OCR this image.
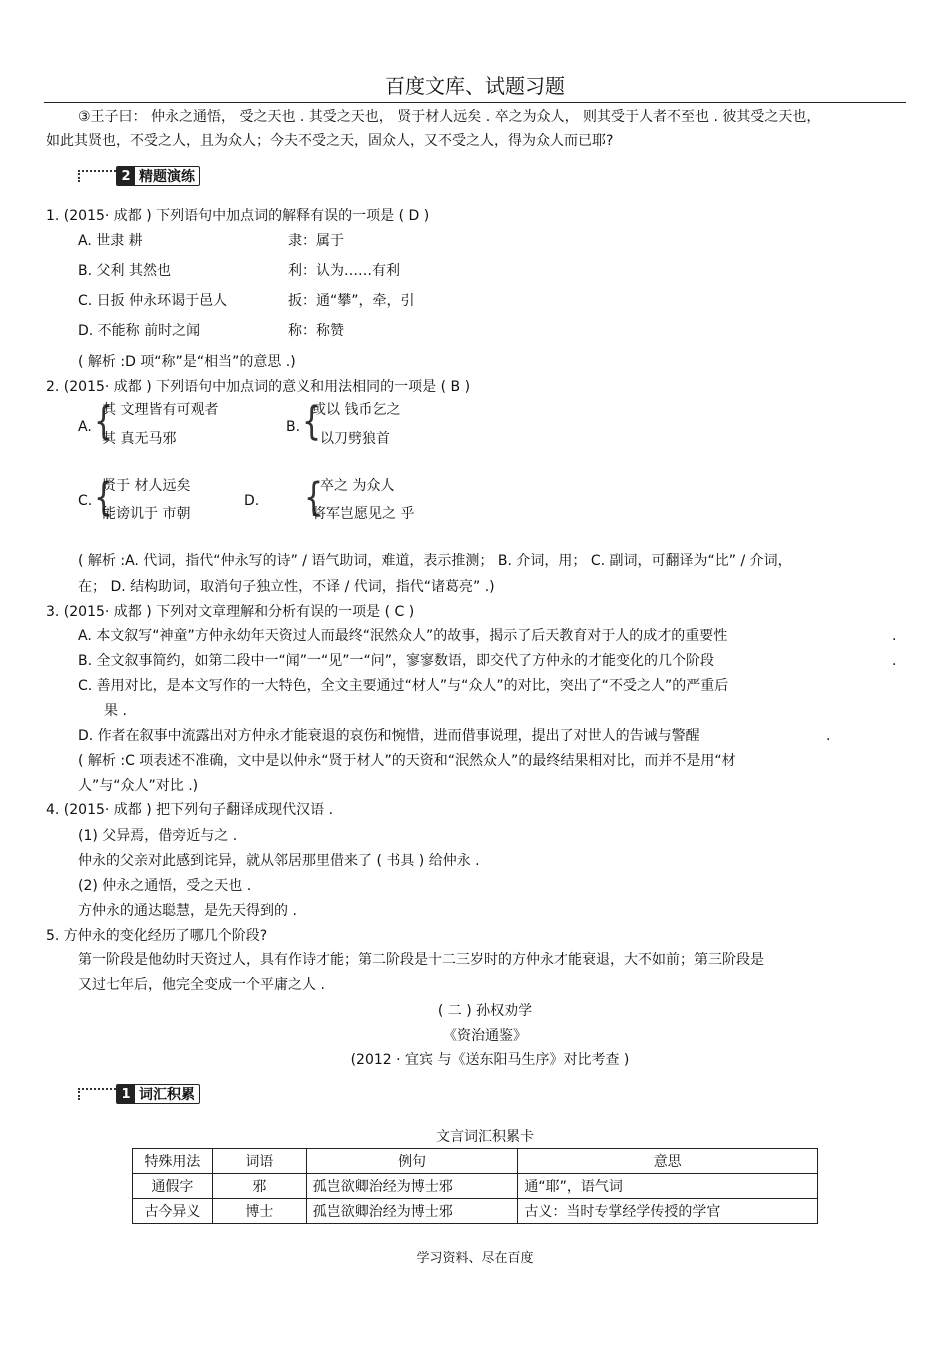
百度文库、试题习题
③王子曰： 仲永之通悟， 受之天也 . 其受之天也， 贤于材人远矣 . 卒之为众人， 则其受于人者不至也 . 彼其受之天也，
如此其贤也，不受之人，且为众人；今夫不受之天，固众人，又不受之人，得为众人而已耶?
2 精题演练
1. (2015· 成都 ) 下列语句中加点词的解释有误的一项是 ( D )
A. 世隶 耕	隶：属于
B. 父利 其然也	利：认为……有利
C. 日扳 仲永环谒于邑人	扳：通“攀”，牵，引
D. 不能称 前时之闻	称：称赞
( 解析 :D 项“称”是“相当”的意思 .)
2. (2015· 成都 ) 下列语句中加点词的意义和用法相同的一项是 ( B )
A. {
其 文理皆有可观者
其 真无马邪
B. {
或以 钱币乞之
以刀劈狼首
C. {
贤于 材人远矣
能谤讥于 市朝
D. {
卒之 为众人
将军岂愿见之 乎
( 解析 :A. 代词，指代“仲永写的诗” / 语气助词，难道，表示推测； B. 介词，用； C. 副词，可翻译为“比” / 介词，
在； D. 结构助词，取消句子独立性，不译 / 代词，指代“诸葛亮” .)
3. (2015· 成都 ) 下列对文章理解和分析有误的一项是 ( C )
A. 本文叙写“神童”方仲永幼年天资过人而最终“泯然众人”的故事，揭示了后天教育对于人的成才的重要性	.
B. 全文叙事简约，如第二段中一“闻”一“见”一“问”，寥寥数语，即交代了方仲永的才能变化的几个阶段	.
C. 善用对比，是本文写作的一大特色，全文主要通过“材人”与“众人”的对比，突出了“不受之人”的严重后
果 .
D. 作者在叙事中流露出对方仲永才能衰退的哀伤和惋惜，进而借事说理，提出了对世人的告诫与警醒	.
( 解析 :C 项表述不准确，文中是以仲永“贤于材人”的天资和“泯然众人”的最终结果相对比，而并不是用“材
人”与“众人”对比 .)
4. (2015· 成都 ) 把下列句子翻译成现代汉语 .
(1) 父异焉，借旁近与之 .
仲永的父亲对此感到诧异，就从邻居那里借来了 ( 书具 ) 给仲永 .
(2) 仲永之通悟，受之天也 .
方仲永的通达聪慧，是先天得到的 .
5. 方仲永的变化经历了哪几个阶段?
第一阶段是他幼时天资过人，具有作诗才能；第二阶段是十二三岁时的方仲永才能衰退，大不如前；第三阶段是
又过七年后，他完全变成一个平庸之人 .
( 二 ) 孙权劝学
《资治通鉴》
(2012 · 宜宾 与《送东阳马生序》对比考查 )
1 词汇积累
文言词汇积累卡
特殊用法	词语	例句	意思
通假字	邪	孤岂欲卿治经为博士邪	通“耶”，语气词
古今异义	博士	孤岂欲卿治经为博士邪	古义：当时专掌经学传授的学官
学习资料、尽在百度
